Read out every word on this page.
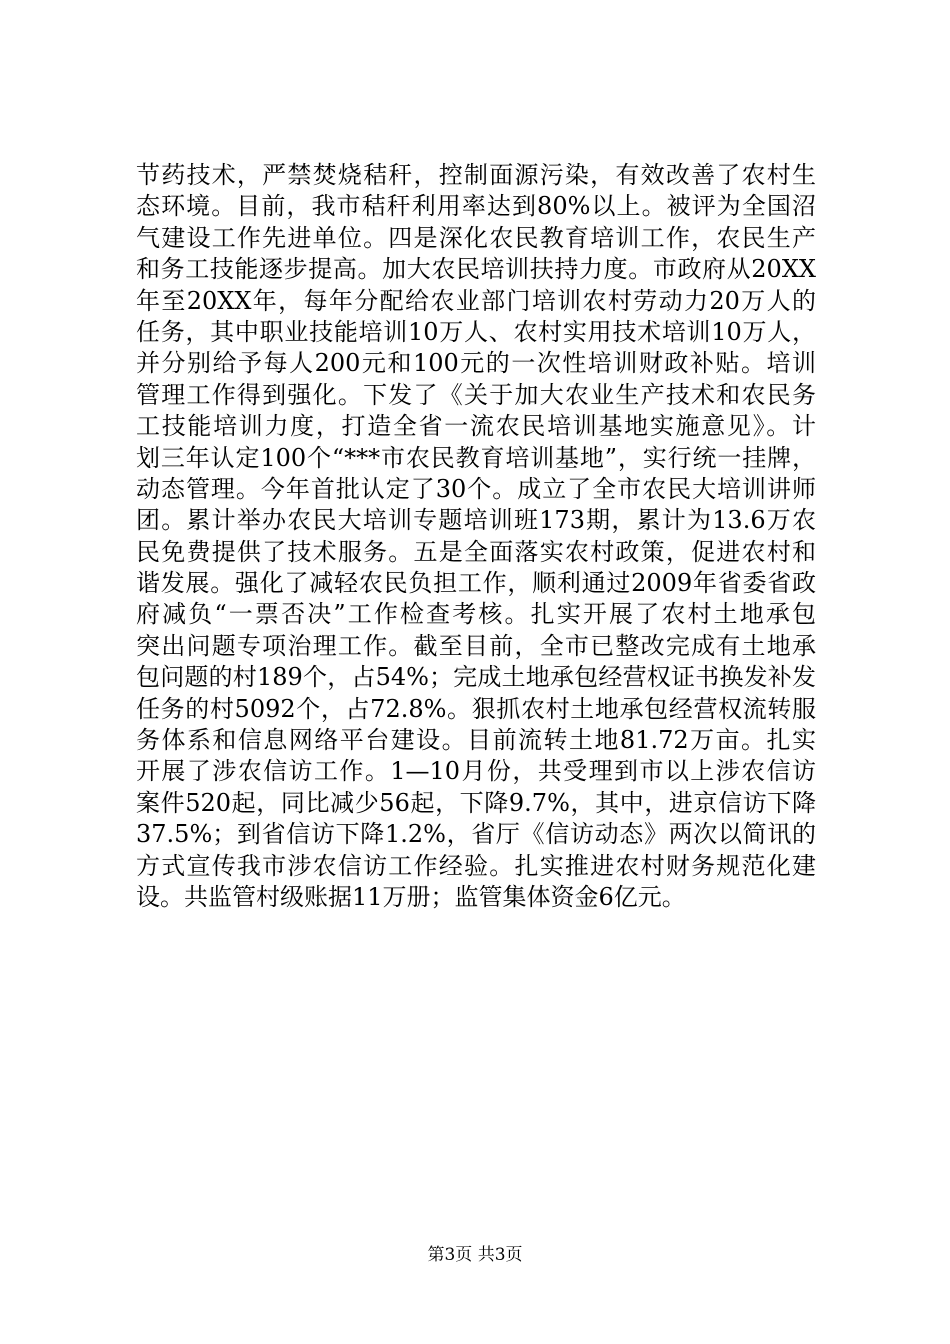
节药技术，严禁焚烧秸秆，控制面源污染，有效改善了农村生
态环境。目前，我市秸秆利用率达到80%以上。被评为全国沼
气建设工作先进单位。四是深化农民教育培训工作，农民生产
和务工技能逐步提高。加大农民培训扶持力度。市政府从20XX
年至20XX年，每年分配给农业部门培训农村劳动力20万人的
任务，其中职业技能培训10万人、农村实用技术培训10万人，
并分别给予每人200元和100元的一次性培训财政补贴。培训
管理工作得到强化。下发了《关于加大农业生产技术和农民务
工技能培训力度，打造全省一流农民培训基地实施意见》。计
划三年认定100个“***市农民教育培训基地”，实行统一挂牌，
动态管理。今年首批认定了30个。成立了全市农民大培训讲师
团。累计举办农民大培训专题培训班173期，累计为13.6万农
民免费提供了技术服务。五是全面落实农村政策，促进农村和
谐发展。强化了减轻农民负担工作，顺利通过2009年省委省政
府减负“一票否决”工作检查考核。扎实开展了农村土地承包
突出问题专项治理工作。截至目前，全市已整改完成有土地承
包问题的村189个，占54%；完成土地承包经营权证书换发补发
任务的村5092个，占72.8%。狠抓农村土地承包经营权流转服
务体系和信息网络平台建设。目前流转土地81.72万亩。扎实
开展了涉农信访工作。1—10月份，共受理到市以上涉农信访
案件520起，同比减少56起，下降9.7%，其中，进京信访下降
37.5%；到省信访下降1.2%，省厅《信访动态》两次以简讯的
方式宣传我市涉农信访工作经验。扎实推进农村财务规范化建
设。共监管村级账据11万册；监管集体资金6亿元。
第3页 共3页
